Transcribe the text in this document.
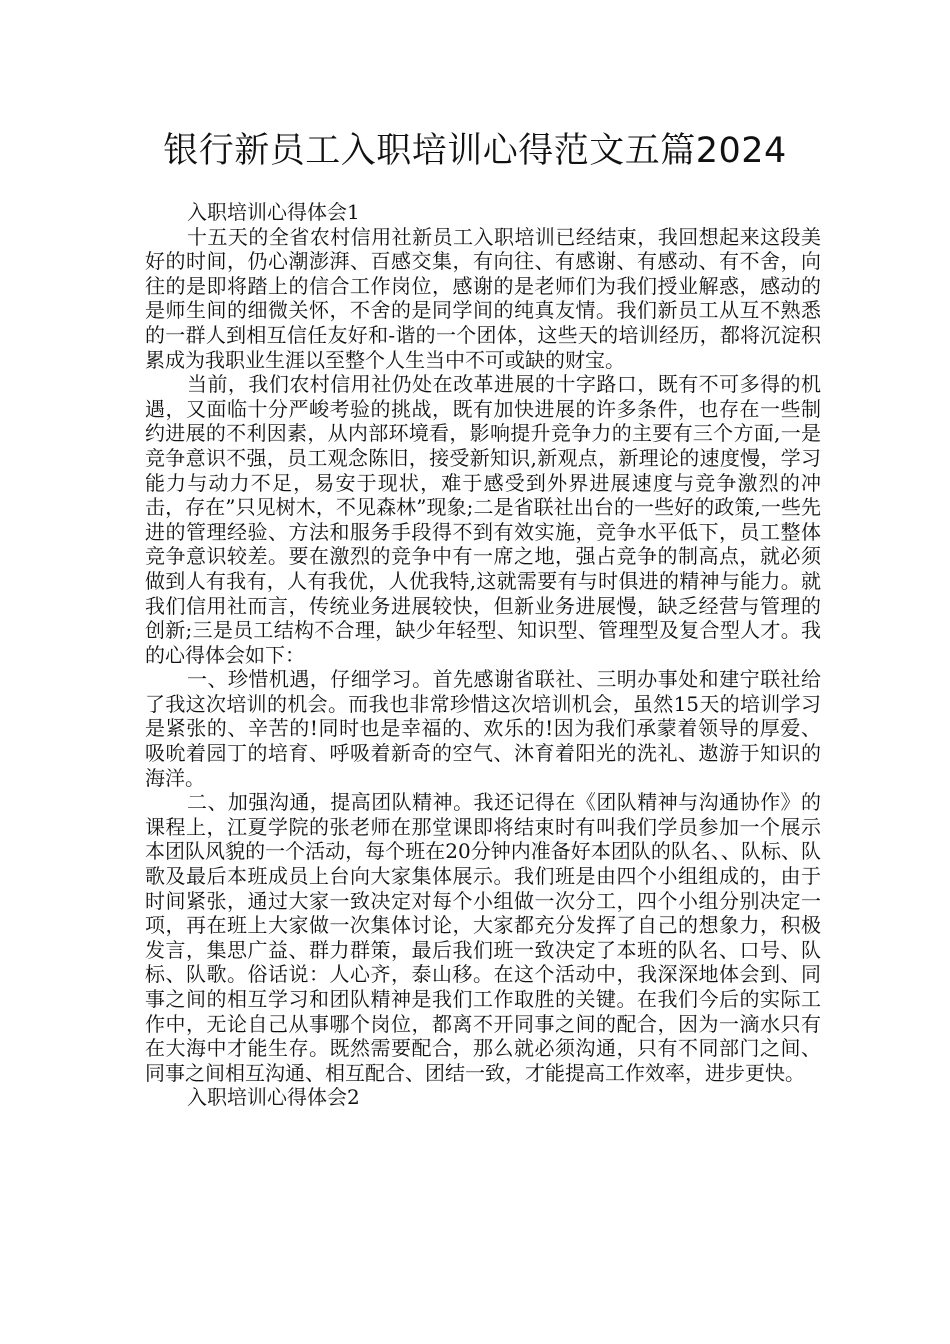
银行新员工入职培训心得范文五篇2024

入职培训心得体会1

十五天的全省农村信用社新员工入职培训已经结束，我回想起来这段美好的时间，仍心潮澎湃、百感交集，有向往、有感谢、有感动、有不舍，向往的是即将踏上的信合工作岗位，感谢的是老师们为我们授业解惑，感动的是师生间的细微关怀，不舍的是同学间的纯真友情。我们新员工从互不熟悉的一群人到相互信任友好和-谐的一个团体，这些天的培训经历，都将沉淀积累成为我职业生涯以至整个人生当中不可或缺的财宝。

当前，我们农村信用社仍处在改革进展的十字路口，既有不可多得的机遇，又面临十分严峻考验的挑战，既有加快进展的许多条件，也存在一些制约进展的不利因素，从内部环境看，影响提升竞争力的主要有三个方面,一是竞争意识不强，员工观念陈旧，接受新知识,新观点，新理论的速度慢，学习能力与动力不足，易安于现状，难于感受到外界进展速度与竞争激烈的冲击，存在”只见树木，不见森林”现象;二是省联社出台的一些好的政策,一些先进的管理经验、方法和服务手段得不到有效实施，竞争水平低下，员工整体竞争意识较差。要在激烈的竞争中有一席之地，强占竞争的制高点，就必须做到人有我有，人有我优，人优我特,这就需要有与时俱进的精神与能力。就我们信用社而言，传统业务进展较快，但新业务进展慢，缺乏经营与管理的创新;三是员工结构不合理，缺少年轻型、知识型、管理型及复合型人才。我的心得体会如下：

一、珍惜机遇，仔细学习。首先感谢省联社、三明办事处和建宁联社给了我这次培训的机会。而我也非常珍惜这次培训机会，虽然15天的培训学习是紧张的、辛苦的!同时也是幸福的、欢乐的!因为我们承蒙着领导的厚爱、吸吮着园丁的培育、呼吸着新奇的空气、沐育着阳光的洗礼、遨游于知识的海洋。

二、加强沟通，提高团队精神。我还记得在《团队精神与沟通协作》的课程上，江夏学院的张老师在那堂课即将结束时有叫我们学员参加一个展示本团队风貌的一个活动，每个班在20分钟内准备好本团队的队名、、队标、队歌及最后本班成员上台向大家集体展示。我们班是由四个小组组成的，由于时间紧张，通过大家一致决定对每个小组做一次分工，四个小组分别决定一项，再在班上大家做一次集体讨论，大家都充分发挥了自己的想象力，积极发言，集思广益、群力群策，最后我们班一致决定了本班的队名、口号、队标、队歌。俗话说：人心齐，泰山移。在这个活动中，我深深地体会到、同事之间的相互学习和团队精神是我们工作取胜的关键。在我们今后的实际工作中，无论自己从事哪个岗位，都离不开同事之间的配合，因为一滴水只有在大海中才能生存。既然需要配合，那么就必须沟通，只有不同部门之间、同事之间相互沟通、相互配合、团结一致，才能提高工作效率，进步更快。

入职培训心得体会2
